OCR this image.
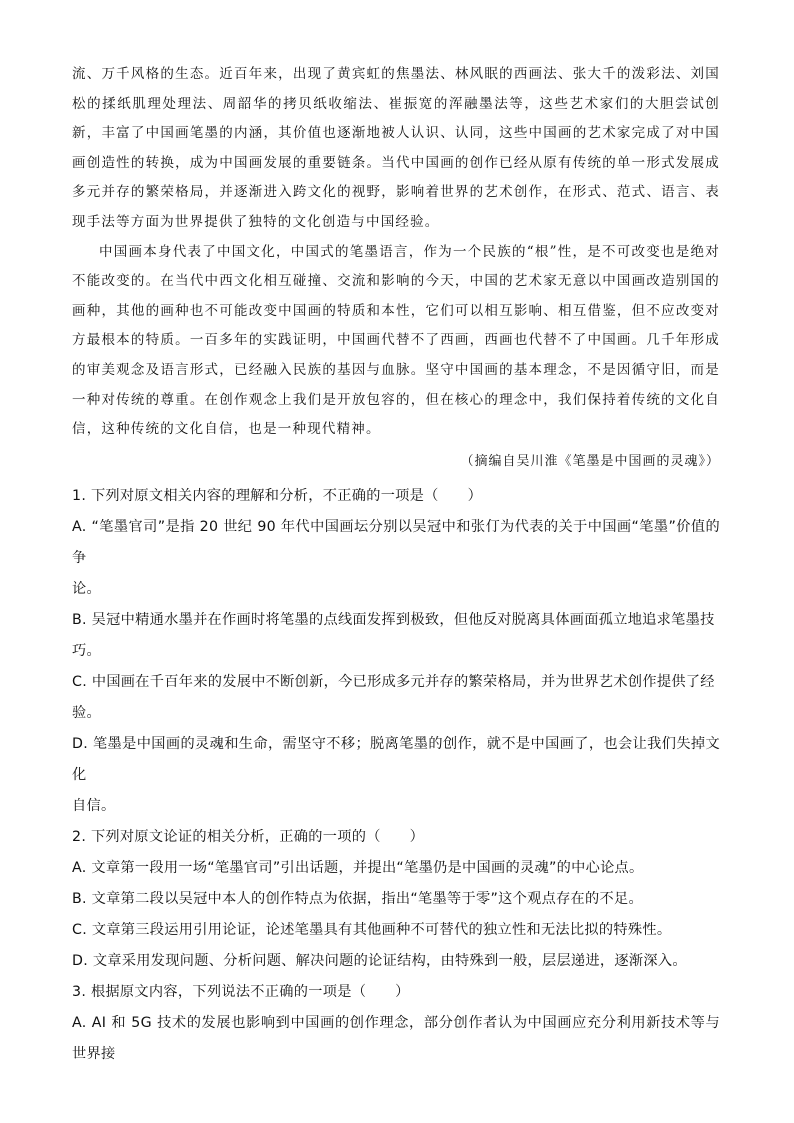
流、万千风格的生态。近百年来，出现了黄宾虹的焦墨法、林风眠的西画法、张大千的泼彩法、刘国松的揉纸肌理处理法、周韶华的拷贝纸收缩法、崔振宽的浑融墨法等，这些艺术家们的大胆尝试创新，丰富了中国画笔墨的内涵，其价值也逐渐地被人认识、认同，这些中国画的艺术家完成了对中国画创造性的转换，成为中国画发展的重要链条。当代中国画的创作已经从原有传统的单一形式发展成多元并存的繁荣格局，并逐渐进入跨文化的视野，影响着世界的艺术创作，在形式、范式、语言、表现手法等方面为世界提供了独特的文化创造与中国经验。

中国画本身代表了中国文化，中国式的笔墨语言，作为一个民族的“根”性，是不可改变也是绝对不能改变的。在当代中西文化相互碰撞、交流和影响的今天，中国的艺术家无意以中国画改造别国的画种，其他的画种也不可能改变中国画的特质和本性，它们可以相互影响、相互借鉴，但不应改变对方最根本的特质。一百多年的实践证明，中国画代替不了西画，西画也代替不了中国画。几千年形成的审美观念及语言形式，已经融入民族的基因与血脉。坚守中国画的基本理念，不是因循守旧，而是一种对传统的尊重。在创作观念上我们是开放包容的，但在核心的理念中，我们保持着传统的文化自信，这种传统的文化自信，也是一种现代精神。

（摘编自吴川淮《笔墨是中国画的灵魂》）

1. 下列对原文相关内容的理解和分析，不正确的一项是（　　）

A. “笔墨官司”是指 20 世纪 90 年代中国画坛分别以吴冠中和张仃为代表的关于中国画“笔墨”价值的争
论。

B. 吴冠中精通水墨并在作画时将笔墨的点线面发挥到极致，但他反对脱离具体画面孤立地追求笔墨技
巧。

C. 中国画在千百年来的发展中不断创新，今已形成多元并存的繁荣格局，并为世界艺术创作提供了经
验。

D. 笔墨是中国画的灵魂和生命，需坚守不移；脱离笔墨的创作，就不是中国画了，也会让我们失掉文化
自信。

2. 下列对原文论证的相关分析，正确的一项的（　　）

A. 文章第一段用一场“笔墨官司”引出话题，并提出“笔墨仍是中国画的灵魂”的中心论点。

B. 文章第二段以吴冠中本人的创作特点为依据，指出“笔墨等于零”这个观点存在的不足。

C. 文章第三段运用引用论证，论述笔墨具有其他画种不可替代的独立性和无法比拟的特殊性。

D. 文章采用发现问题、分析问题、解决问题的论证结构，由特殊到一般，层层递进，逐渐深入。

3. 根据原文内容，下列说法不正确的一项是（　　）

A. AI 和 5G 技术的发展也影响到中国画的创作理念，部分创作者认为中国画应充分利用新技术等与世界接
